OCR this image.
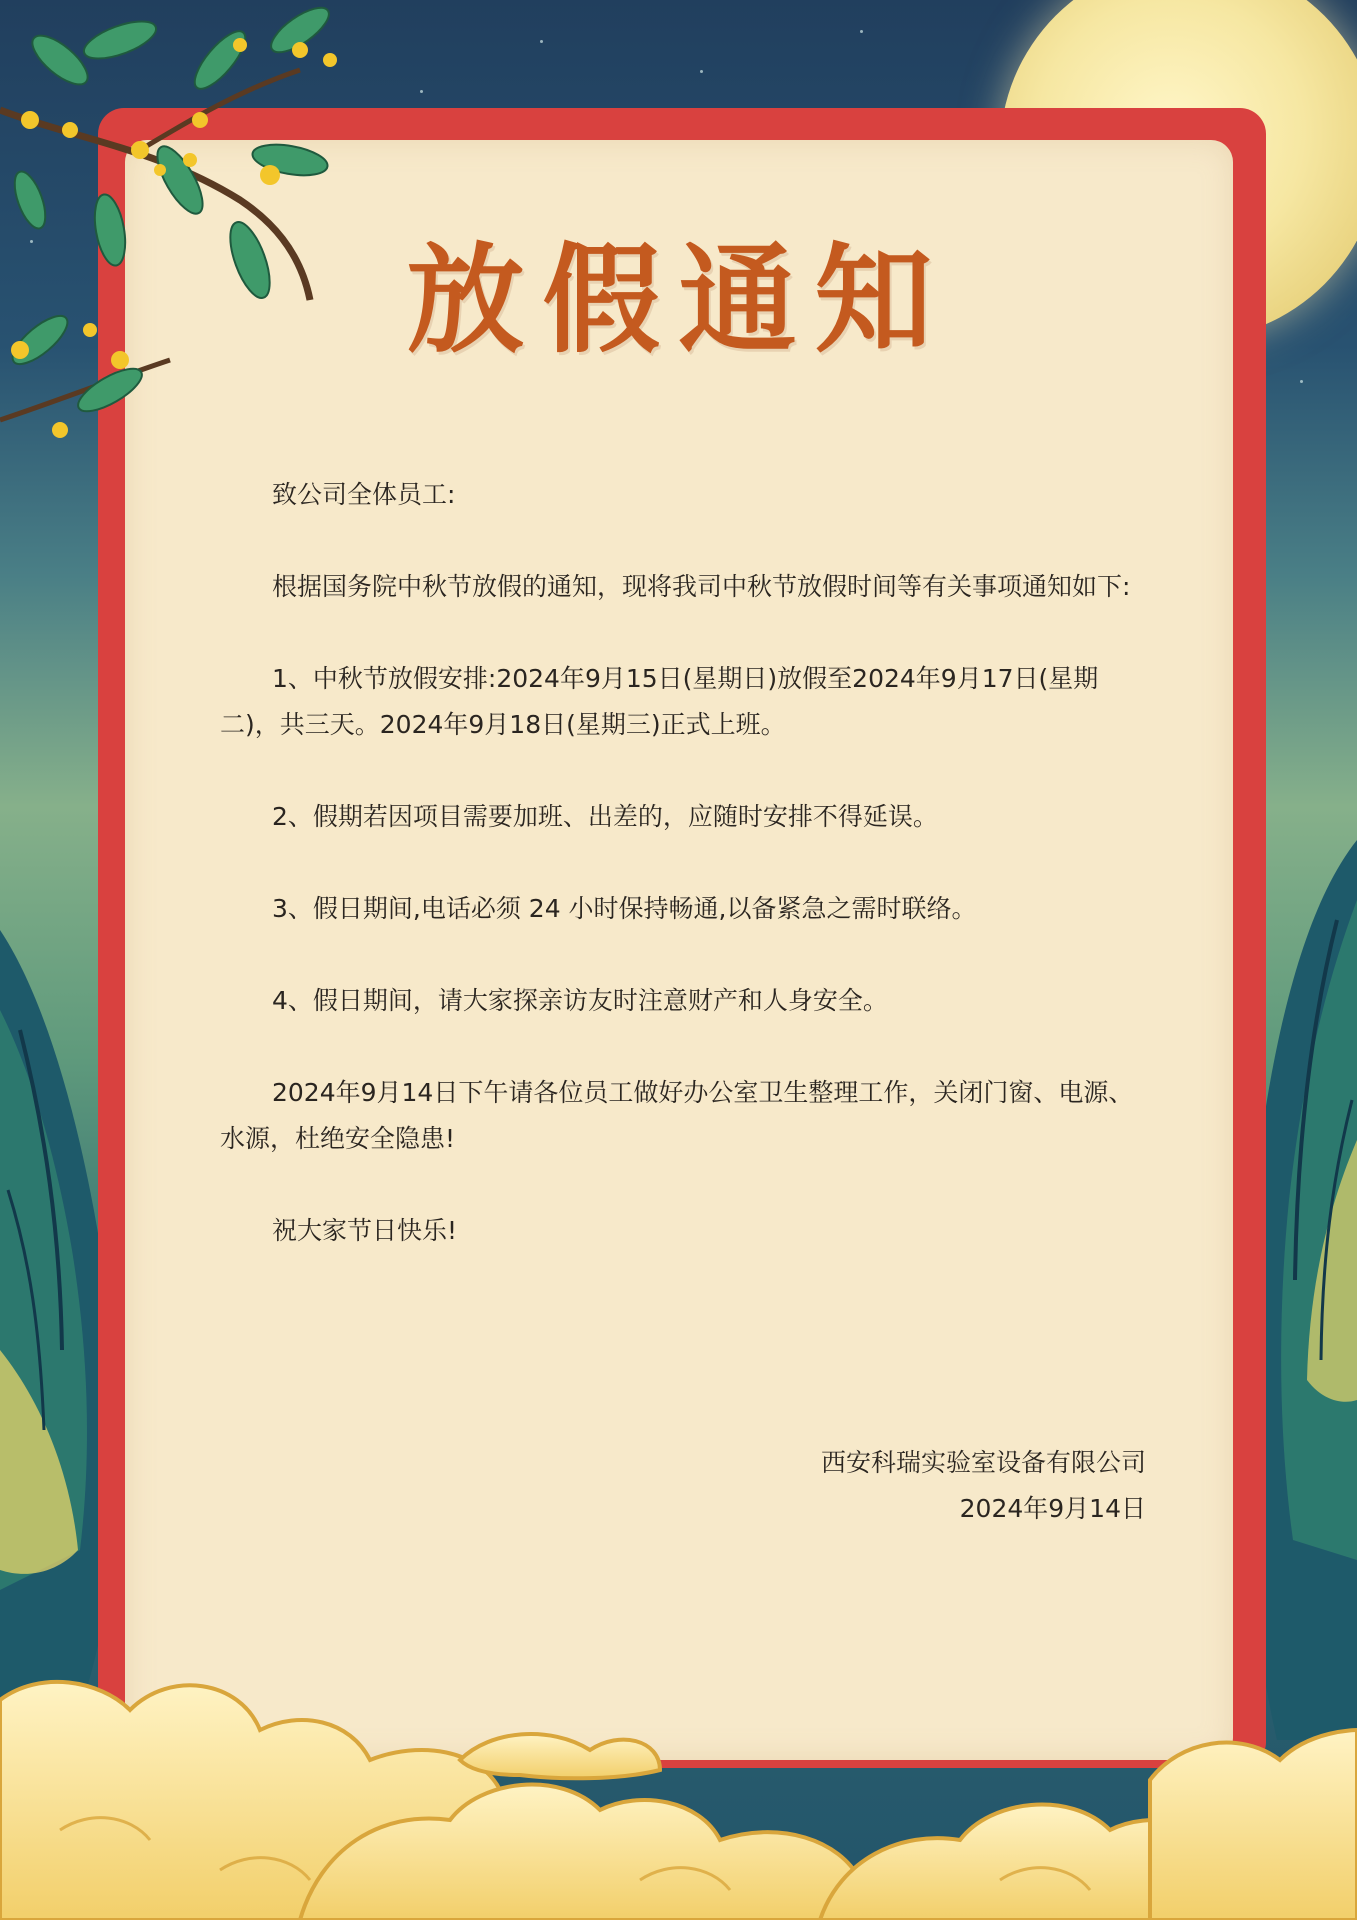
放假通知

致公司全体员工:

根据国务院中秋节放假的通知，现将我司中秋节放假时间等有关事项通知如下:

1、中秋节放假安排:2024年9月15日(星期日)放假至2024年9月17日(星期二)，共三天。2024年9月18日(星期三)正式上班。

2、假期若因项目需要加班、出差的，应随时安排不得延误。

3、假日期间,电话必须 24 小时保持畅通,以备紧急之需时联络。

4、假日期间，请大家探亲访友时注意财产和人身安全。

2024年9月14日下午请各位员工做好办公室卫生整理工作，关闭门窗、电源、水源，杜绝安全隐患!

祝大家节日快乐!

西安科瑞实验室设备有限公司
2024年9月14日
